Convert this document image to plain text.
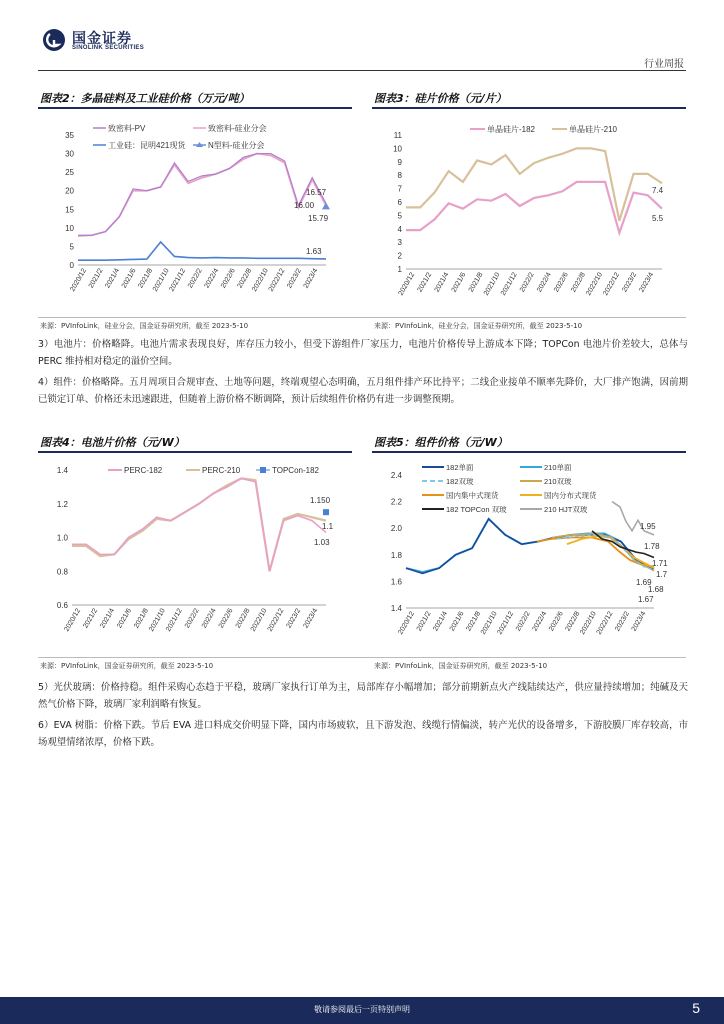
国金证券
SINOLINK SECURITIES
行业周报
图表2：多晶硅料及工业硅价格（万元/吨）	图表3：硅片价格（元/片）
0
5
10
15
20
25
30
35
2020/12 2021/2 2021/4 2021/6 2021/8
2021/10
2021/12 2022/2 2022/4 2022/6 2022/8
2022/10
2022/12 2023/2 2023/4
致密料-PV	致密料-硅业分会
工业硅：昆明421现货	N型料-硅业分会
16.57
16.00
15.79
1.63
1
2
3
4
5
6
7
8
9
10
11
2020/12 2021/2 2021/4 2021/6 2021/8
2021/10
2021/12 2022/2 2022/4 2022/6 2022/8
2022/10
2022/12 2023/2 2023/4
单晶硅片-182	单晶硅片-210
7.4
5.5
来源：PVInfoLink，硅业分会，国金证券研究所，截至 2023-5-10	来源：PVInfoLink，硅业分会，国金证券研究所，截至 2023-5-10
3）电池片：价格略降。电池片需求表现良好，库存压力较小，但受下游组件厂家压力，电池片价格传导上游成本下降；TOPCon 电池片价差较大，总体与 PERC 维持相对稳定的溢价空间。
4）组件：价格略降。五月周项目合规审查、土地等问题，终端观望心态明确，五月组件排产环比持平；二线企业接单不顺率先降价，大厂排产饱满，因前期已锁定订单、价格还未迅速跟进，但随着上游价格不断调降，预计后续组件价格仍有进一步调整预期。
图表4：电池片价格（元/W）	图表5：组件价格（元/W）
0.6
0.8
1.0
1.2
1.4
2020/12 2021/2 2021/4 2021/6 2021/8
2021/10
2021/12 2022/2 2022/4 2022/6 2022/8
2022/10
2022/12 2023/2 2023/4
PERC-182	PERC-210	TOPCon-182
1.150
1.1
1.03
1.4
1.6
1.8
2.0
2.2
2.4
2020/12 2021/2 2021/4 2021/6 2021/8
2021/10
2021/12 2022/2 2022/4 2022/6 2022/8
2022/10
2022/12 2023/2 2023/4
182单面	210单面
182双玻	210双玻
国内集中式现货	国内分布式现货
182 TOPCon 双玻	210 HJT双玻
1.95
1.78
1.71
1.69
1.68
1.67
1.7
来源：PVInfoLink，国金证券研究所，截至 2023-5-10	来源：PVInfoLink，国金证券研究所，截至 2023-5-10
5）光伏玻璃：价格持稳。组件采购心态趋于平稳，玻璃厂家执行订单为主，局部库存小幅增加；部分前期新点火产线陆续达产，供应量持续增加；纯碱及天然气价格下降，玻璃厂家利润略有恢复。
6）EVA 树脂：价格下跌。节后 EVA 进口料成交价明显下降，国内市场疲软，且下游发泡、线缆行情偏淡，转产光伏的设备增多，下游胶膜厂库存较高，市场观望情绪浓厚，价格下跌。
敬请参阅最后一页特别声明	5
